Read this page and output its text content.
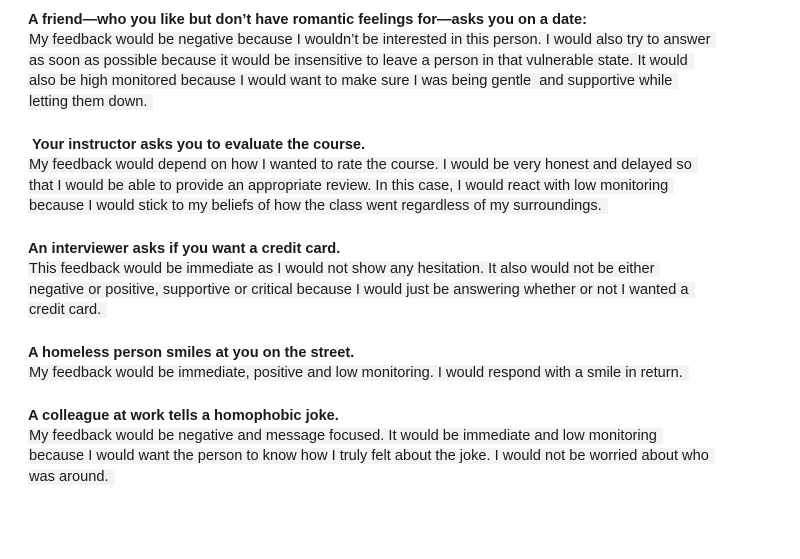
A friend—who you like but don’t have romantic feelings for—asks you on a date:

My feedback would be negative because I wouldn’t be interested in this person. I would also try to answer
as soon as possible because it would be insensitive to leave a person in that vulnerable state. It would
also be high monitored because I would want to make sure I was being gentle  and supportive while
letting them down.

Your instructor asks you to evaluate the course.

My feedback would depend on how I wanted to rate the course. I would be very honest and delayed so
that I would be able to provide an appropriate review. In this case, I would react with low monitoring
because I would stick to my beliefs of how the class went regardless of my surroundings.

An interviewer asks if you want a credit card.

This feedback would be immediate as I would not show any hesitation. It also would not be either
negative or positive, supportive or critical because I would just be answering whether or not I wanted a
credit card.

A homeless person smiles at you on the street.

My feedback would be immediate, positive and low monitoring. I would respond with a smile in return.

A colleague at work tells a homophobic joke.

My feedback would be negative and message focused. It would be immediate and low monitoring
because I would want the person to know how I truly felt about the joke. I would not be worried about who
was around.
